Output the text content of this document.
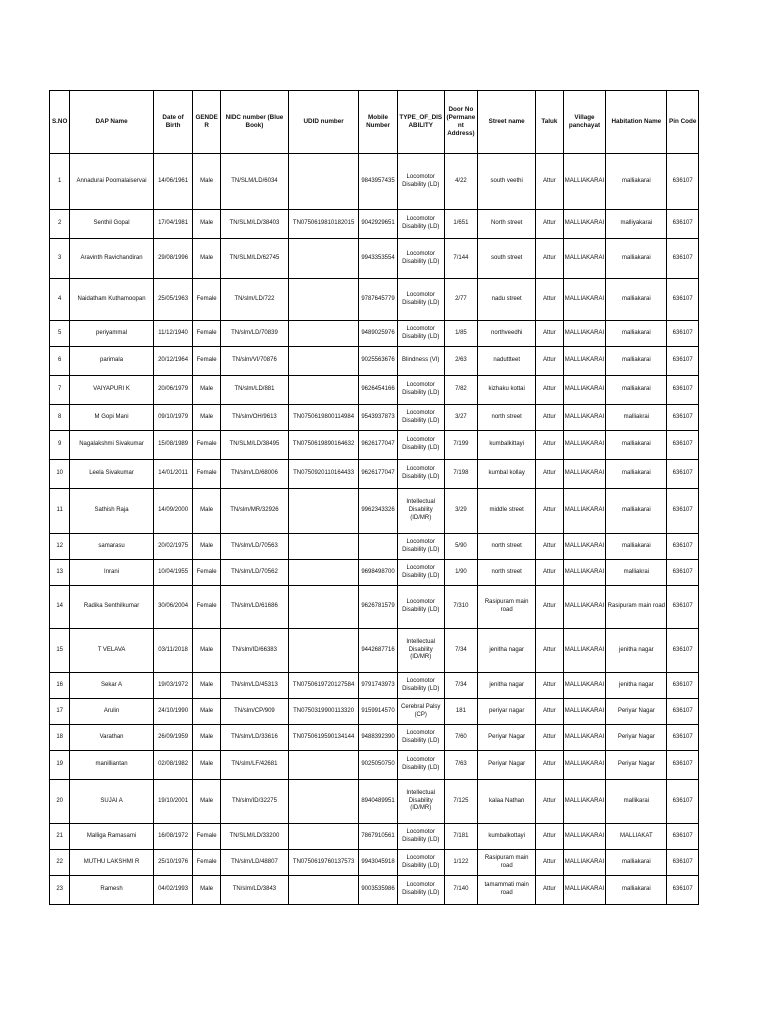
S.NO	DAP Name	Date of Birth	GENDER	NIDC number (Blue Book)	UDID number	Mobile Number	TYPE_OF_DISABILITY	Door No (Permanent Address)	Street name	Taluk	Village panchayat	Habitation Name	Pin Code
1	Annadurai Poomalaiservai	14/06/1961	Male	TN/SLM/LD/6034		9843957435	Locomotor Disability (LD)	4/22	south veethi	Attur	MALLIAKARAI	malliakarai	636107
2	Senthil Gopal	17/04/1981	Male	TN/SLM/LD/38403	TN0750619810182015	9042929651	Locomotor Disability (LD)	1/651	North street	Attur	MALLIAKARAI	malliyakarai	636107
3	Aravinth Ravichandiran	29/08/1996	Male	TN/SLM/LD/62745		9943353554	Locomotor Disability (LD)	7/144	south street	Attur	MALLIAKARAI	malliakarai	636107
4	Naidatham Kuthamoopan	25/05/1963	Female	TN/slm/LD/722		9787645779	Locomotor Disability (LD)	2/77	nadu street	Attur	MALLIAKARAI	malliakarai	636107
5	periyammal	11/12/1940	Female	TN/slm/LD/70839		9489025976	Locomotor Disability (LD)	1/85	northveedhi	Attur	MALLIAKARAI	malliakarai	636107
6	parimala	20/12/1964	Female	TN/slm/VI/70876		9025563676	Blindness (VI)	2/63	naduttteet	Attur	MALLIAKARAI	malliakarai	636107
7	VAIYAPURI K	20/06/1979	Male	TN/slm/LD/881		9626454166	Locomotor Disability (LD)	7/82	kizhaku kottai	Attur	MALLIAKARAI	malliakarai	636107
8	M Gopi Mani	09/10/1979	Male	TN/slm/OH/9613	TN0750619800114984	9543937873	Locomotor Disability (LD)	3/27	north street	Attur	MALLIAKARAI	malliakrai	636107
9	Nagalakshmi Sivakumar	15/08/1989	Female	TN/SLM/LD/38495	TN0750619890164632	9626177047	Locomotor Disability (LD)	7/199	kumbalkittayi	Attur	MALLIAKARAI	malliakarai	636107
10	Leela Sivakumar	14/01/2011	Female	TN/slm/LD/68006	TN0750920110164433	9626177047	Locomotor Disability (LD)	7/198	kumbal kollay	Attur	MALLIAKARAI	malliakarai	636107
11	Sathish Raja	14/09/2000	Male	TN/slm/MR/32926		9962343326	Intellectual Disability (ID/MR)	3/29	middle street	Attur	MALLIAKARAI	malliakarai	636107
12	samarasu	20/02/1975	Male	TN/slm/LD/70563			Locomotor Disability (LD)	5/90	north street	Attur	MALLIAKARAI	malliakarai	636107
13	Inrani	10/04/1955	Female	TN/slm/LD/70562		9698498700	Locomotor Disability (LD)	1/90	north street	Attur	MALLIAKARAI	malliakrai	636107
14	Radika Senthilkumar	30/06/2004	Female	TN/slm/LD/61686		9626781579	Locomotor Disability (LD)	7/310	Rasipuram main road	Attur	MALLIAKARAI	Rasipuram main road	636107
15	T VELAVA	03/11/2018	Male	TN/slm/ID/66383		9442687716	Intellectual Disability (ID/MR)	7/34	jenitha nagar	Attur	MALLIAKARAI	jenitha nagar	636107
16	Sekar A	19/03/1972	Male	TN/slm/LD/45313	TN0750619720127584	9791743973	Locomotor Disability (LD)	7/34	jenitha nagar	Attur	MALLIAKARAI	jenitha nagar	636107
17	Arulin	24/10/1990	Male	TN/slm/CP/909	TN0750319900113320	9159914570	Cerebral Palsy (CP)	181	periyar nagar	Attur	MALLIAKARAI	Periyar Nagar	636107
18	Varathan	26/09/1959	Male	TN/slm/LD/33616	TN0750619590134144	9488392390	Locomotor Disability (LD)	7/60	Periyar Nagar	Attur	MALLIAKARAI	Periyar Nagar	636107
19	manilliantan	02/08/1982	Male	TN/slm/LF/42681		9025050750	Locomotor Disability (LD)	7/63	Periyar Nagar	Attur	MALLIAKARAI	Periyar Nagar	636107
20	SUJAI A	19/10/2001	Male	TN/slm/ID/32275		8940489951	Intellectual Disability (ID/MR)	7/125	kalaa Nathan	Attur	MALLIAKARAI	mallikarai	636107
21	Malliga Ramasami	16/08/1972	Female	TN/SLM/LD/33200		7867910561	Locomotor Disability (LD)	7/181	kumbalkottayi	Attur	MALLIAKARAI	MALLIAKAT	636107
22	MUTHU LAKSHMI R	25/10/1976	Female	TN/slm/LD/48807	TN0750619760137573	9943045918	Locomotor Disability (LD)	1/122	Rasipuram main road	Attur	MALLIAKARAI	malliakarai	636107
23	Ramesh	04/02/1993	Male	TN/slm/LD/3843		9003535986	Locomotor Disability (LD)	7/140	tamammati main road	Attur	MALLIAKARAI	malliakarai	636107
